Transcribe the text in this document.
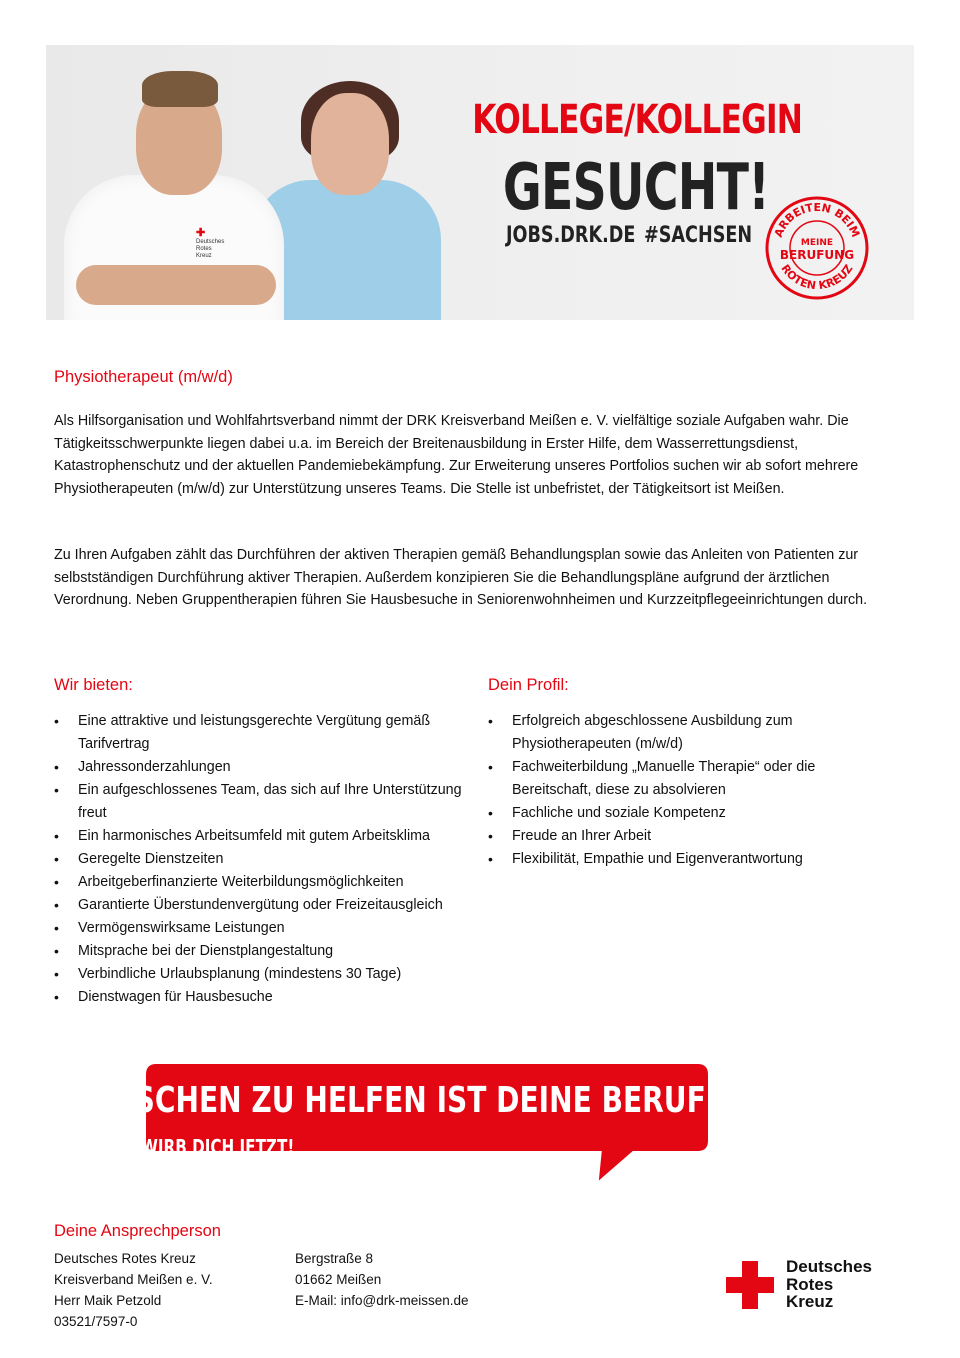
✚
Deutsches
Rotes
Kreuz
KOLLEGE/KOLLEGIN
GESUCHT!
JOBS.DRK.DE #SACHSEN ARBEITEN BEIM
ROTEN KREUZ
MEINE
BERUFUNG
Physiotherapeut (m/w/d)
Als Hilfsorganisation und Wohlfahrtsverband nimmt der DRK Kreisverband Meißen e. V. vielfältige soziale Aufgaben wahr. Die Tätigkeitsschwerpunkte liegen dabei u.a. im Bereich der Breitenausbildung in Erster Hilfe, dem Wasserrettungsdienst, Katastrophenschutz und der aktuellen Pandemiebekämpfung. Zur Erweiterung unseres Portfolios suchen wir ab sofort mehrere Physiotherapeuten (m/w/d) zur Unterstützung unseres Teams. Die Stelle ist unbefristet, der Tätigkeitsort ist Meißen.
Zu Ihren Aufgaben zählt das Durchführen der aktiven Therapien gemäß Behandlungsplan sowie das Anleiten von Patienten zur selbstständigen Durchführung aktiver Therapien. Außerdem konzipieren Sie die Behandlungspläne aufgrund der ärztlichen Verordnung. Neben Gruppentherapien führen Sie Hausbesuche in Seniorenwohnheimen und Kurzzeitpflegeeinrichtungen durch.
Wir bieten:
• Eine attraktive und leistungsgerechte Vergütung gemäß Tarifvertrag
• Jahressonderzahlungen
• Ein aufgeschlossenes Team, das sich auf Ihre Unterstützung freut
• Ein harmonisches Arbeitsumfeld mit gutem Arbeitsklima
• Geregelte Dienstzeiten
• Arbeitgeberfinanzierte Weiterbildungsmöglichkeiten
• Garantierte Überstundenvergütung oder Freizeitausgleich
• Vermögenswirksame Leistungen
• Mitsprache bei der Dienstplangestaltung
• Verbindliche Urlaubsplanung (mindestens 30 Tage)
• Dienstwagen für Hausbesuche
Dein Profil:
• Erfolgreich abgeschlossene Ausbildung zum Physiotherapeuten (m/w/d)
• Fachweiterbildung „Manuelle Therapie“ oder die Bereitschaft, diese zu absolvieren
• Fachliche und soziale Kompetenz
• Freude an Ihrer Arbeit
• Flexibilität, Empathie und Eigenverantwortung
MENSCHEN ZU HELFEN IST DEINE BERUFUNG?
DANN BEWIRB DICH JETZT!
Deine Ansprechperson
Deutsches Rotes Kreuz
Kreisverband Meißen e. V.
Herr Maik Petzold
03521/7597-0
Bergstraße 8
01662 Meißen
E-Mail: info@drk-meissen.de
Deutsches
Rotes
Kreuz
